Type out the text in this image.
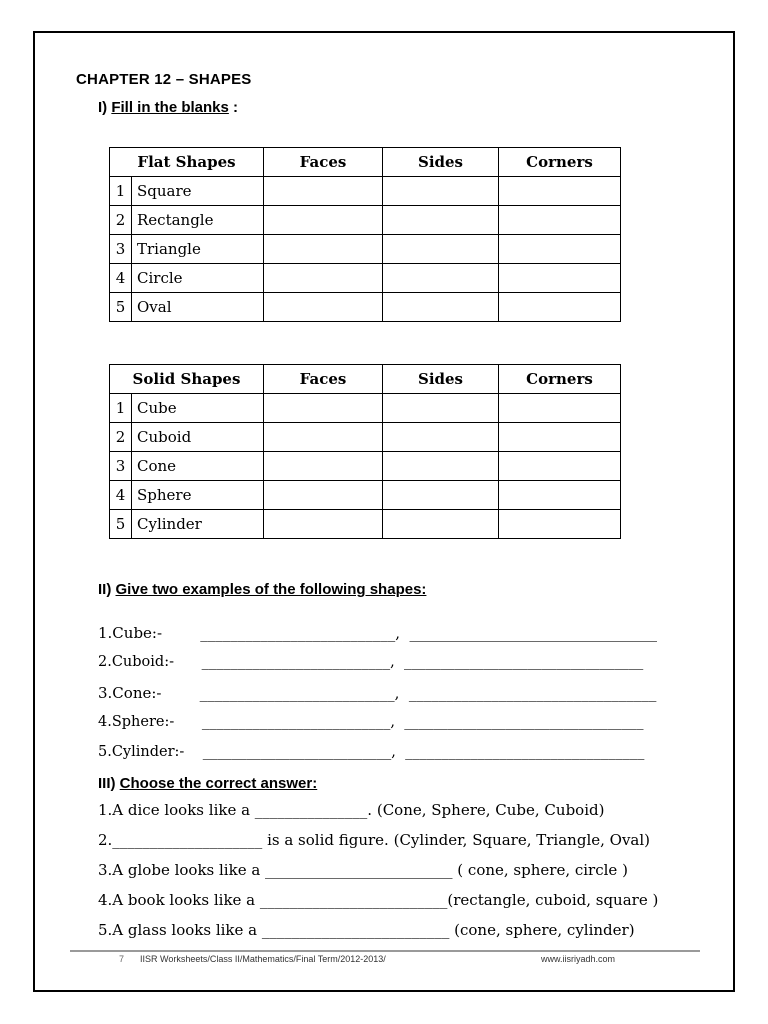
CHAPTER 12 – SHAPES
I) Fill in the blanks :
Flat Shapes		Faces	Sides	Corners
1	Square			
2	Rectangle			
3	Triangle			
4	Circle			
5	Oval			
Solid Shapes		Faces	Sides	Corners
1	Cube			
2	Cuboid			
3	Cone			
4	Sphere			
5	Cylinder			
II) Give two examples of the following shapes:
1.Cube:-        __________________________,  _________________________________
2.Cuboid:-      __________________________,  _________________________________
3.Cone:-        __________________________,  _________________________________
4.Sphere:-      __________________________,  _________________________________
5.Cylinder:-    __________________________,  _________________________________
III) Choose the correct answer:
1.A dice looks like a _______________. (Cone, Sphere, Cube, Cuboid)
2.____________________ is a solid figure. (Cylinder, Square, Triangle, Oval)
3.A globe looks like a _________________________ ( cone, sphere, circle )
4.A book looks like a _________________________(rectangle, cuboid, square )
5.A glass looks like a _________________________ (cone, sphere, cylinder)
7 IISR Worksheets/Class II/Mathematics/Final Term/2012-2013/	www.iisriyadh.com
